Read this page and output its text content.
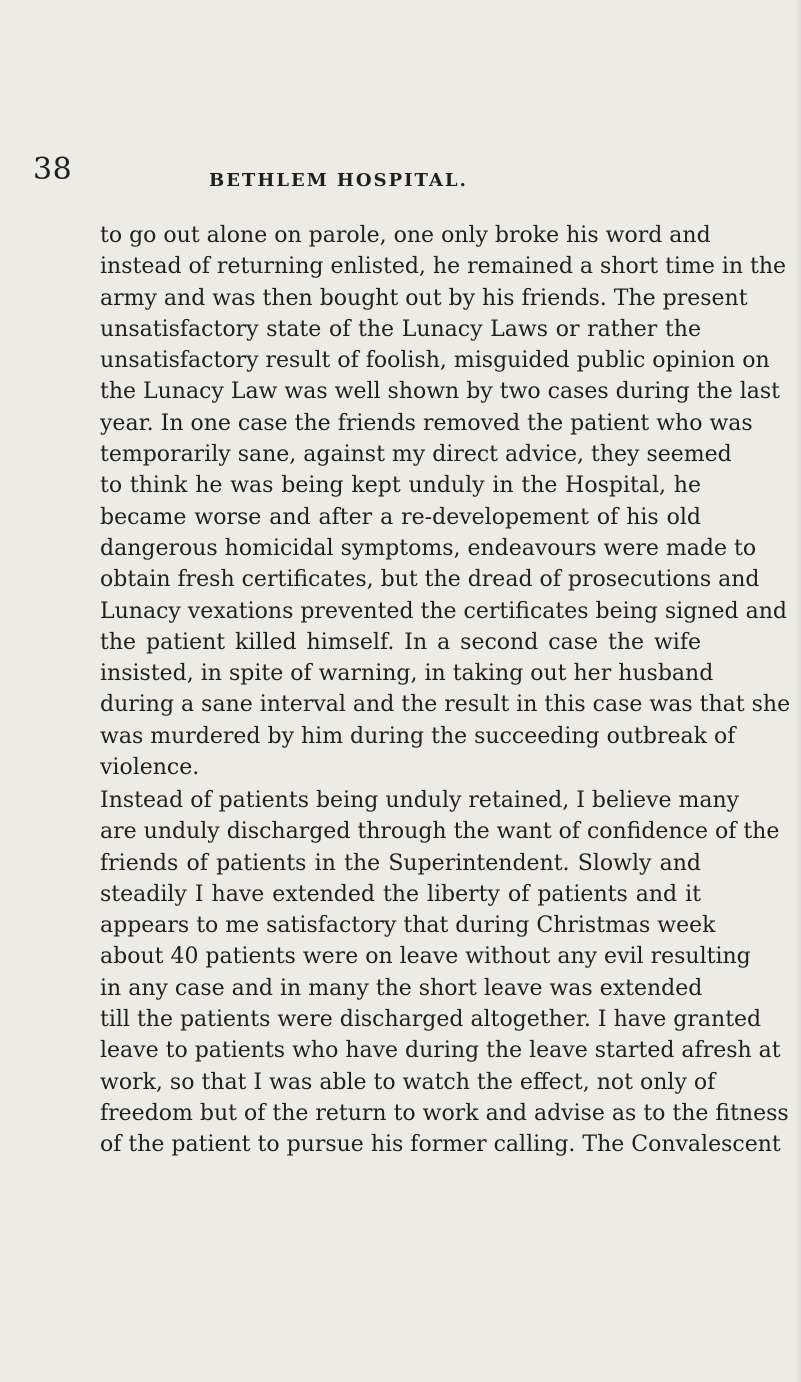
38	BETHLEM HOSPITAL.
to go out alone on parole, one only broke his word and
instead of returning enlisted, he remained a short time in the
army and was then bought out by his friends. The present
unsatisfactory state of the Lunacy Laws or rather the
unsatisfactory result of foolish, misguided public opinion on
the Lunacy Law was well shown by two cases during the last
year. In one case the friends removed the patient who was
temporarily sane, against my direct advice, they seemed
to think he was being kept unduly in the Hospital, he
became worse and after a re-developement of his old
dangerous homicidal symptoms, endeavours were made to
obtain fresh certificates, but the dread of prosecutions and
Lunacy vexations prevented the certificates being signed and
the patient killed himself. In a second case the wife
insisted, in spite of warning, in taking out her husband
during a sane interval and the result in this case was that she
was murdered by him during the succeeding outbreak of
violence.
Instead of patients being unduly retained, I believe many
are unduly discharged through the want of confidence of the
friends of patients in the Superintendent. Slowly and
steadily I have extended the liberty of patients and it
appears to me satisfactory that during Christmas week
about 40 patients were on leave without any evil resulting
in any case and in many the short leave was extended
till the patients were discharged altogether. I have granted
leave to patients who have during the leave started afresh at
work, so that I was able to watch the effect, not only of
freedom but of the return to work and advise as to the fitness
of the patient to pursue his former calling. The Convalescent
